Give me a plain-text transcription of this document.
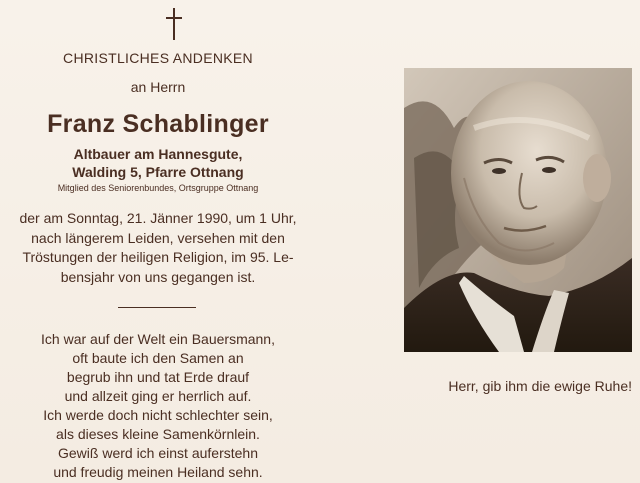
CHRISTLICHES ANDENKEN
an Herrn
Franz Schablinger
Altbauer am Hannesgute,
Walding 5, Pfarre Ottnang
Mitglied des Seniorenbundes, Ortsgruppe Ottnang
der am Sonntag, 21. Jänner 1990, um 1 Uhr,
nach längerem Leiden, versehen mit den
Tröstungen der heiligen Religion, im 95. Le-
bensjahr von uns gegangen ist.
Ich war auf der Welt ein Bauersmann,
oft baute ich den Samen an
begrub ihn und tat Erde drauf
und allzeit ging er herrlich auf.
Ich werde doch nicht schlechter sein,
als dieses kleine Samenkörnlein.
Gewiß werd ich einst auferstehn
und freudig meinen Heiland sehn.
Herr, gib ihm die ewige Ruhe!
